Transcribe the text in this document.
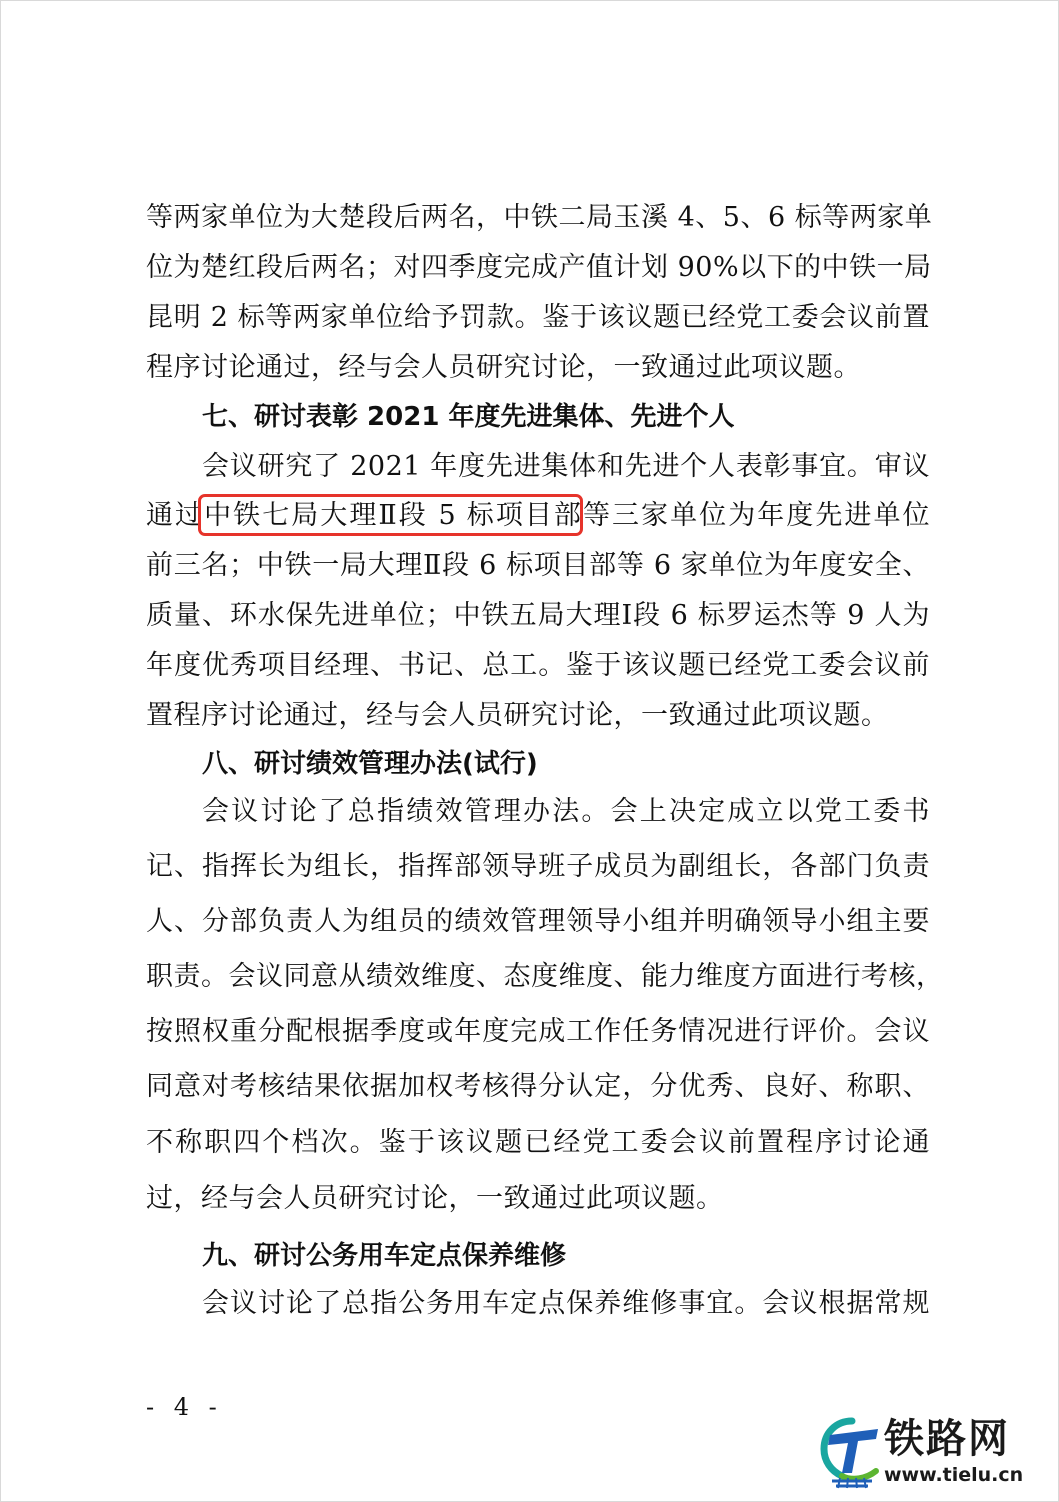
等两家单位为大楚段后两名，中铁二局玉溪 4、5、6 标等两家单
位为楚红段后两名；对四季度完成产值计划 90%以下的中铁一局
昆明 2 标等两家单位给予罚款。鉴于该议题已经党工委会议前置
程序讨论通过，经与会人员研究讨论，一致通过此项议题。
七、研讨表彰 2021 年度先进集体、先进个人
会议研究了 2021 年度先进集体和先进个人表彰事宜。审议
通过中铁七局大理Ⅱ段 5 标项目部等三家单位为年度先进单位
前三名；中铁一局大理Ⅱ段 6 标项目部等 6 家单位为年度安全、
质量、环水保先进单位；中铁五局大理Ⅰ段 6 标罗运杰等 9 人为
年度优秀项目经理、书记、总工。鉴于该议题已经党工委会议前
置程序讨论通过，经与会人员研究讨论，一致通过此项议题。
八、研讨绩效管理办法(试行)
会议讨论了总指绩效管理办法。会上决定成立以党工委书
记、指挥长为组长，指挥部领导班子成员为副组长，各部门负责
人、分部负责人为组员的绩效管理领导小组并明确领导小组主要
职责。会议同意从绩效维度、态度维度、能力维度方面进行考核，
按照权重分配根据季度或年度完成工作任务情况进行评价。会议
同意对考核结果依据加权考核得分认定，分优秀、良好、称职、
不称职四个档次。鉴于该议题已经党工委会议前置程序讨论通
过，经与会人员研究讨论，一致通过此项议题。
九、研讨公务用车定点保养维修
会议讨论了总指公务用车定点保养维修事宜。会议根据常规
- 4 -
铁路网
www.tielu.cn
